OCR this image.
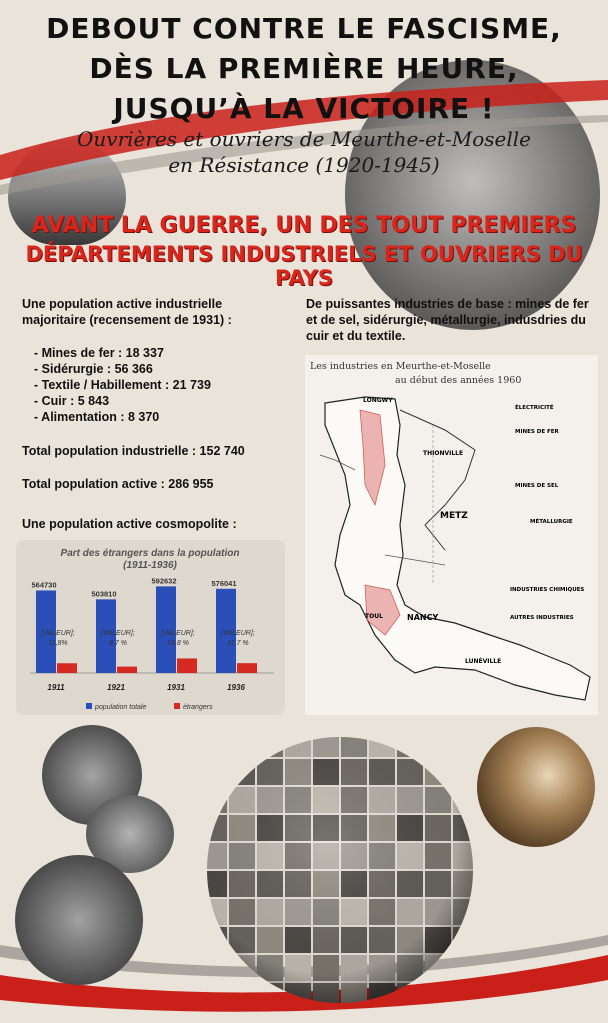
DEBOUT CONTRE LE FASCISME,
DÈS LA PREMIÈRE HEURE,
JUSQU’À LA VICTOIRE !
Ouvrières et ouvriers de Meurthe-et-Moselle
en Résistance (1920-1945)
AVANT LA GUERRE, UN DES TOUT PREMIERS
DÉPARTEMENTS INDUSTRIELS ET OUVRIERS DU PAYS
Une population active industrielle
majoritaire (recensement de 1931) :
- Mines de fer : 18 337
- Sidérurgie : 56 366
- Textile / Habillement : 21 739
- Cuir : 5 843
- Alimentation : 8 370
Total population industrielle : 152 740
Total population active : 286 955
Une population active cosmopolite :
De puissantes industries de base : mines de fer
et de sel, sidérurgie, métallurgie, indusdries du
cuir et du textile.
Part des étrangers dans la population
(1911-1936)
564730
[VALEUR];
11,8%
1911
503810
[VALEUR];
8,7 %
1921
592632
[VALEUR];
16,8 %
1931
576041
[VALEUR];
11,7 %
1936
population totale	étrangers
Les industries en Meurthe-et-Moselle
au début des années 1960
LONGWY
THIONVILLE
METZ
NANCY
TOUL
LUNÉVILLE
ÉLECTRICITÉ
MINES DE FER
MINES DE SEL
MÉTALLURGIE
INDUSTRIES CHIMIQUES
AUTRES INDUSTRIES
